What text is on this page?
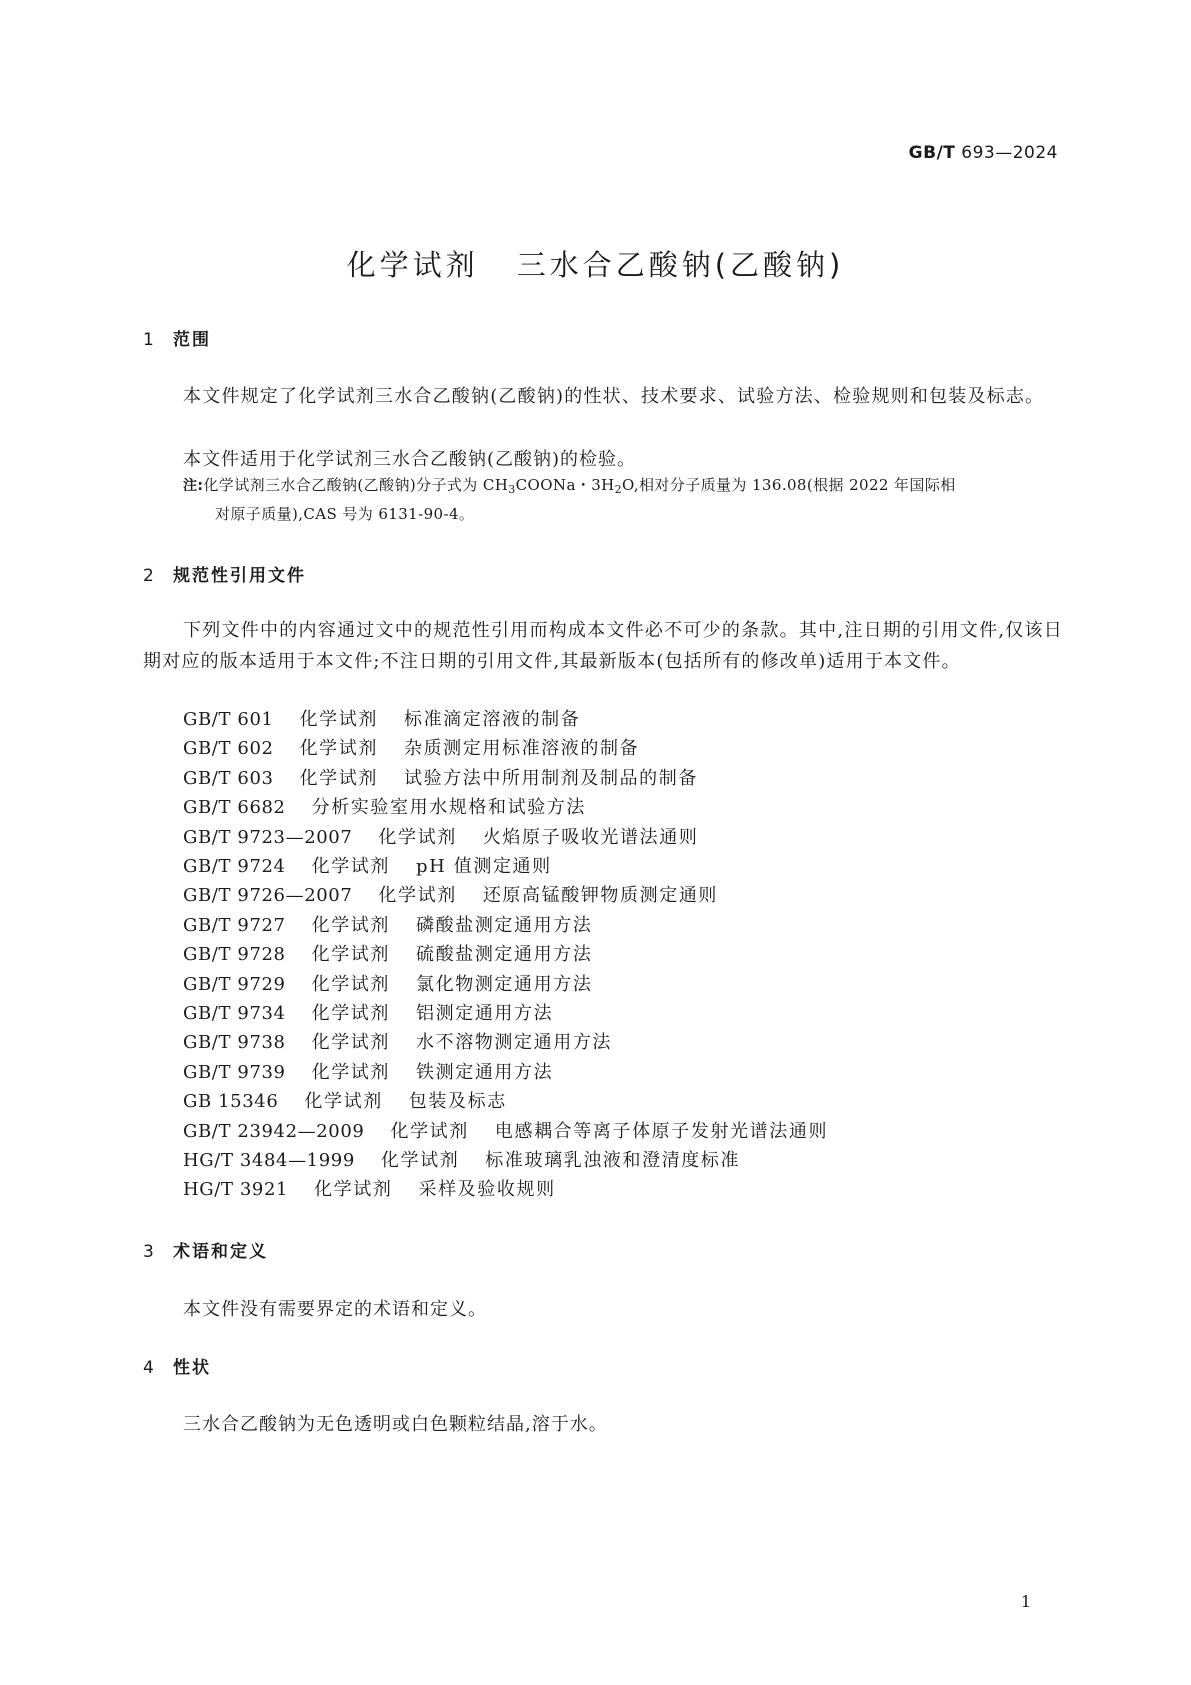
GB/T 693—2024
化学试剂 三水合乙酸钠(乙酸钠)
1 范围
本文件规定了化学试剂三水合乙酸钠(乙酸钠)的性状、技术要求、试验方法、检验规则和包装及标志。
本文件适用于化学试剂三水合乙酸钠(乙酸钠)的检验。
注:化学试剂三水合乙酸钠(乙酸钠)分子式为 $CH_3COONa$・$3H_2O$,相对分子质量为 136.08(根据 2022 年国际相
对原子质量),CAS 号为 6131-90-4。
2 规范性引用文件
下列文件中的内容通过文中的规范性引用而构成本文件必不可少的条款。其中,注日期的引用文件,仅该日期对应的版本适用于本文件;不注日期的引用文件,其最新版本(包括所有的修改单)适用于本文件。
GB/T 601 化学试剂 标准滴定溶液的制备
GB/T 602 化学试剂 杂质测定用标准溶液的制备
GB/T 603 化学试剂 试验方法中所用制剂及制品的制备
GB/T 6682 分析实验室用水规格和试验方法
GB/T 9723—2007 化学试剂 火焰原子吸收光谱法通则
GB/T 9724 化学试剂 pH 值测定通则
GB/T 9726—2007 化学试剂 还原高锰酸钾物质测定通则
GB/T 9727 化学试剂 磷酸盐测定通用方法
GB/T 9728 化学试剂 硫酸盐测定通用方法
GB/T 9729 化学试剂 氯化物测定通用方法
GB/T 9734 化学试剂 铝测定通用方法
GB/T 9738 化学试剂 水不溶物测定通用方法
GB/T 9739 化学试剂 铁测定通用方法
GB 15346 化学试剂 包装及标志
GB/T 23942—2009 化学试剂 电感耦合等离子体原子发射光谱法通则
HG/T 3484—1999 化学试剂 标准玻璃乳浊液和澄清度标准
HG/T 3921 化学试剂 采样及验收规则
3 术语和定义
本文件没有需要界定的术语和定义。
4 性状
三水合乙酸钠为无色透明或白色颗粒结晶,溶于水。
1
